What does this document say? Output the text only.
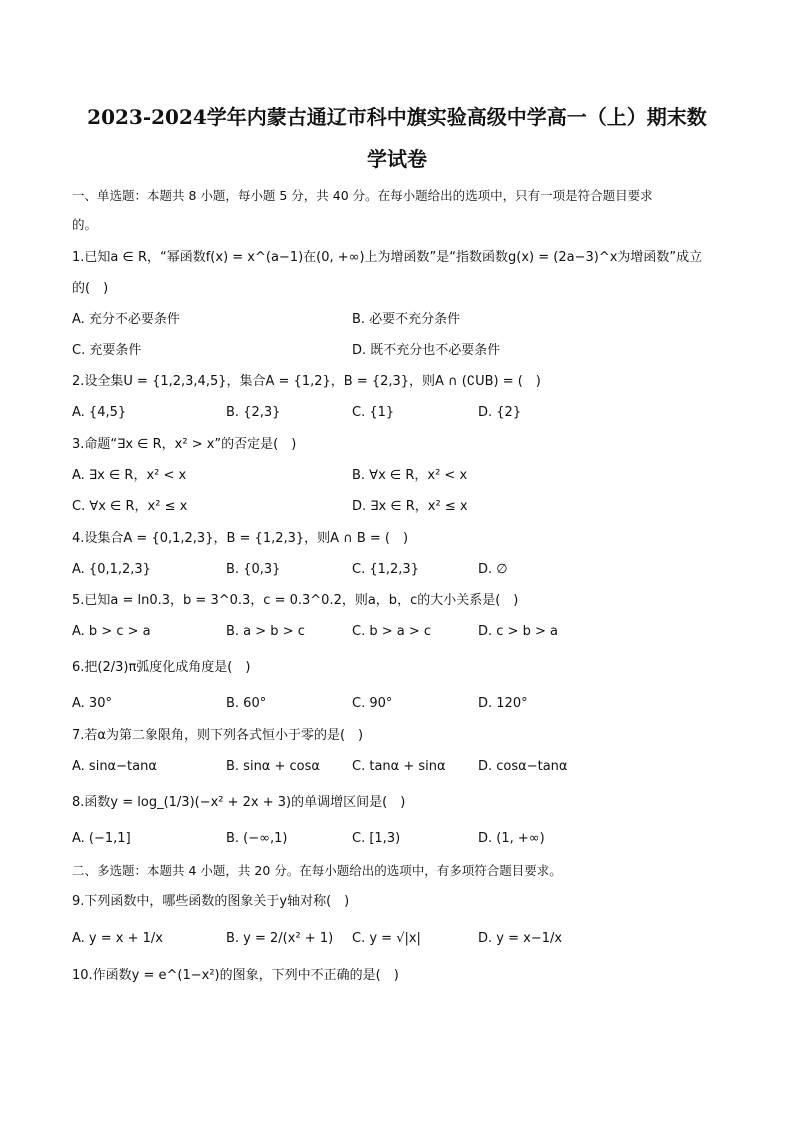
2023-2024学年内蒙古通辽市科中旗实验高级中学高一（上）期末数
学试卷
一、单选题：本题共 8 小题，每小题 5 分，共 40 分。在每小题给出的选项中，只有一项是符合题目要求
的。
1.已知a ∈ R，“幂函数f(x) = x^(a−1)在(0, +∞)上为增函数”是“指数函数g(x) = (2a−3)^x为增函数”成立
的(　)
A. 充分不必要条件	B. 必要不充分条件
C. 充要条件	D. 既不充分也不必要条件
2.设全集U = {1,2,3,4,5}，集合A = {1,2}，B = {2,3}，则A ∩ (∁UB) = (　)
A. {4,5}	B. {2,3}	C. {1}	D. {2}
3.命题“∃x ∈ R，x² > x”的否定是(　)
A. ∃x ∈ R，x² < x	B. ∀x ∈ R，x² < x
C. ∀x ∈ R，x² ≤ x	D. ∃x ∈ R，x² ≤ x
4.设集合A = {0,1,2,3}，B = {1,2,3}，则A ∩ B = (　)
A. {0,1,2,3}	B. {0,3}	C. {1,2,3}	D. ∅
5.已知a = ln0.3，b = 3^0.3，c = 0.3^0.2，则a，b，c的大小关系是(　)
A. b > c > a	B. a > b > c	C. b > a > c	D. c > b > a
6.把(2/3)π弧度化成角度是(　)
A. 30°	B. 60°	C. 90°	D. 120°
7.若α为第二象限角，则下列各式恒小于零的是(　)
A. sinα−tanα	B. sinα + cosα C. tanα + sinα D. cosα−tanα
8.函数y = log_(1/3)(−x² + 2x + 3)的单调增区间是(　)
A. (−1,1]	B. (−∞,1)	C. [1,3)	D. (1, +∞)
二、多选题：本题共 4 小题，共 20 分。在每小题给出的选项中，有多项符合题目要求。
9.下列函数中，哪些函数的图象关于y轴对称(　)
A. y = x + 1/x	B. y = 2/(x² + 1) C. y = √|x|	D. y = x−1/x
10.作函数y = e^(1−x²)的图象，下列中不正确的是(　)
